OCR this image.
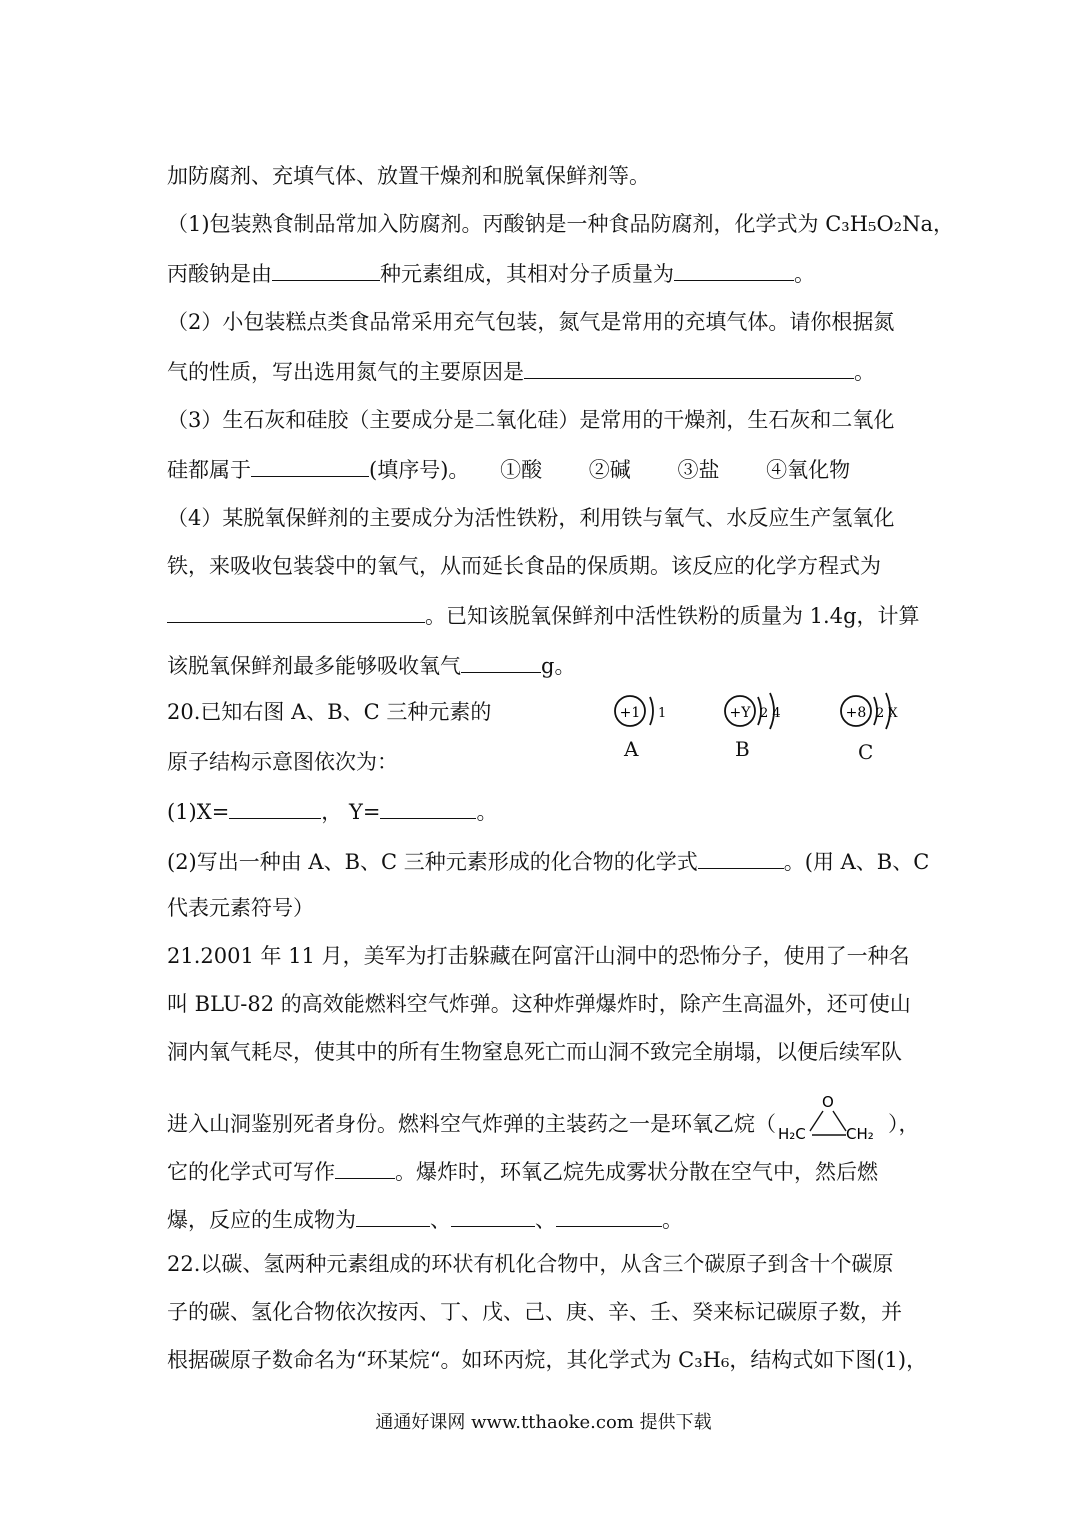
加防腐剂、充填气体、放置干燥剂和脱氧保鲜剂等。
（1)包装熟食制品常加入防腐剂。丙酸钠是一种食品防腐剂，化学式为 C₃H₅O₂Na，
丙酸钠是由	种元素组成，其相对分子质量为	。
（2）小包装糕点类食品常采用充气包装，氮气是常用的充填气体。请你根据氮
气的性质，写出选用氮气的主要原因是	。
（3）生石灰和硅胶（主要成分是二氧化硅）是常用的干燥剂，生石灰和二氧化
硅都属于	(填序号)。 ①酸 ②碱 ③盐 ④氧化物
（4）某脱氧保鲜剂的主要成分为活性铁粉，利用铁与氧气、水反应生产氢氧化
铁，来吸收包装袋中的氧气，从而延长食品的保质期。该反应的化学方程式为
。已知该脱氧保鲜剂中活性铁粉的质量为 1.4g，计算
该脱氧保鲜剂最多能够吸收氧气	g。
20.已知右图 A、B、C 三种元素的	+1 1	+Y 2 4	+8 2 X
A	B	C
原子结构示意图依次为：
(1)X=	， Y=	。
(2)写出一种由 A、B、C 三种元素形成的化合物的化学式	。(用 A、B、C
代表元素符号）
21.2001 年 11 月，美军为打击躲藏在阿富汗山洞中的恐怖分子，使用了一种名
叫 BLU-82 的高效能燃料空气炸弹。这种炸弹爆炸时，除产生高温外，还可使山
洞内氧气耗尽，使其中的所有生物窒息死亡而山洞不致完全崩塌，以便后续军队
进入山洞鉴别死者身份。燃料空气炸弹的主装药之一是环氧乙烷（
O
H₂C	CH₂ ），
它的化学式可写作	。爆炸时，环氧乙烷先成雾状分散在空气中，然后燃
爆，反应的生成物为	、	、	。
22.以碳、氢两种元素组成的环状有机化合物中，从含三个碳原子到含十个碳原
子的碳、氢化合物依次按丙、丁、戊、己、庚、辛、壬、癸来标记碳原子数，并
根据碳原子数命名为“环某烷“。如环丙烷，其化学式为 C₃H₆，结构式如下图(1)，
通通好课网 www.tthaoke.com 提供下载
